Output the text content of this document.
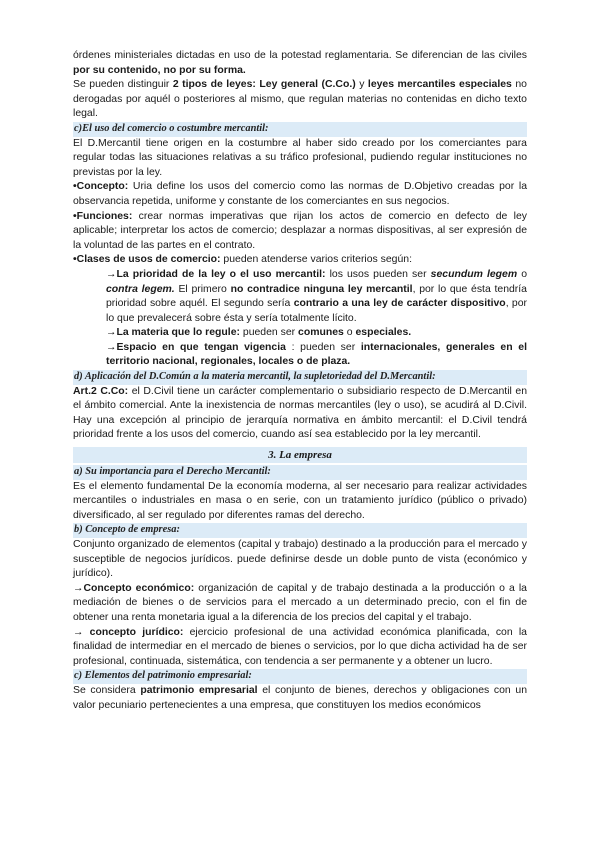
órdenes ministeriales dictadas en uso de la potestad reglamentaria. Se diferencian de las civiles por su contenido, no por su forma.

Se pueden distinguir 2 tipos de leyes: Ley general (C.Co.) y leyes mercantiles especiales no derogadas por aquél o posteriores al mismo, que regulan materias no contenidas en dicho texto legal.

c)El uso del comercio o costumbre mercantil:

El D.Mercantil tiene origen en la costumbre al haber sido creado por los comerciantes para regular todas las situaciones relativas a su tráfico profesional, pudiendo regular instituciones no previstas por la ley.

•Concepto: Uria define los usos del comercio como las normas de D.Objetivo creadas por la observancia repetida, uniforme y constante de los comerciantes en sus negocios.

•Funciones: crear normas imperativas que rijan los actos de comercio en defecto de ley aplicable; interpretar los actos de comercio; desplazar a normas dispositivas, al ser expresión de la voluntad de las partes en el contrato.

•Clases de usos de comercio: pueden atenderse varios criterios según:

→La prioridad de la ley o el uso mercantil: los usos pueden ser secundum legem o contra legem. El primero no contradice ninguna ley mercantil, por lo que ésta tendría prioridad sobre aquél. El segundo sería contrario a una ley de carácter dispositivo, por lo que prevalecerá sobre ésta y sería totalmente lícito.

→La materia que lo regule: pueden ser comunes o especiales.

→Espacio en que tengan vigencia : pueden ser internacionales, generales en el territorio nacional, regionales, locales o de plaza.

d) Aplicación del D.Común a la materia mercantil, la supletoriedad del D.Mercantil:

Art.2 C.Co: el D.Civil tiene un carácter complementario o subsidiario respecto de D.Mercantil en el ámbito comercial. Ante la inexistencia de normas mercantiles (ley o uso), se acudirá al D.Civil. Hay una excepción al principio de jerarquía normativa en ámbito mercantil: el D.Civil tendrá prioridad frente a los usos del comercio, cuando así sea establecido por la ley mercantil.

3. La empresa
a) Su importancia para el Derecho Mercantil:

Es el elemento fundamental De la economía moderna, al ser necesario para realizar actividades mercantiles o industriales en masa o en serie, con un tratamiento jurídico (público o privado) diversificado, al ser regulado por diferentes ramas del derecho.

b) Concepto de empresa:

Conjunto organizado de elementos (capital y trabajo) destinado a la producción para el mercado y susceptible de negocios jurídicos. puede definirse desde un doble punto de vista (económico y jurídico).

→Concepto económico: organización de capital y de trabajo destinada a la producción o a la mediación de bienes o de servicios para el mercado a un determinado precio, con el fin de obtener una renta monetaria igual a la diferencia de los precios del capital y el trabajo.

→ concepto jurídico: ejercicio profesional de una actividad económica planificada, con la finalidad de intermediar en el mercado de bienes o servicios, por lo que dicha actividad ha de ser profesional, continuada, sistemática, con tendencia a ser permanente y a obtener un lucro.

c) Elementos del patrimonio empresarial:

Se considera patrimonio empresarial el conjunto de bienes, derechos y obligaciones con un valor pecuniario pertenecientes a una empresa, que constituyen los medios económicos
